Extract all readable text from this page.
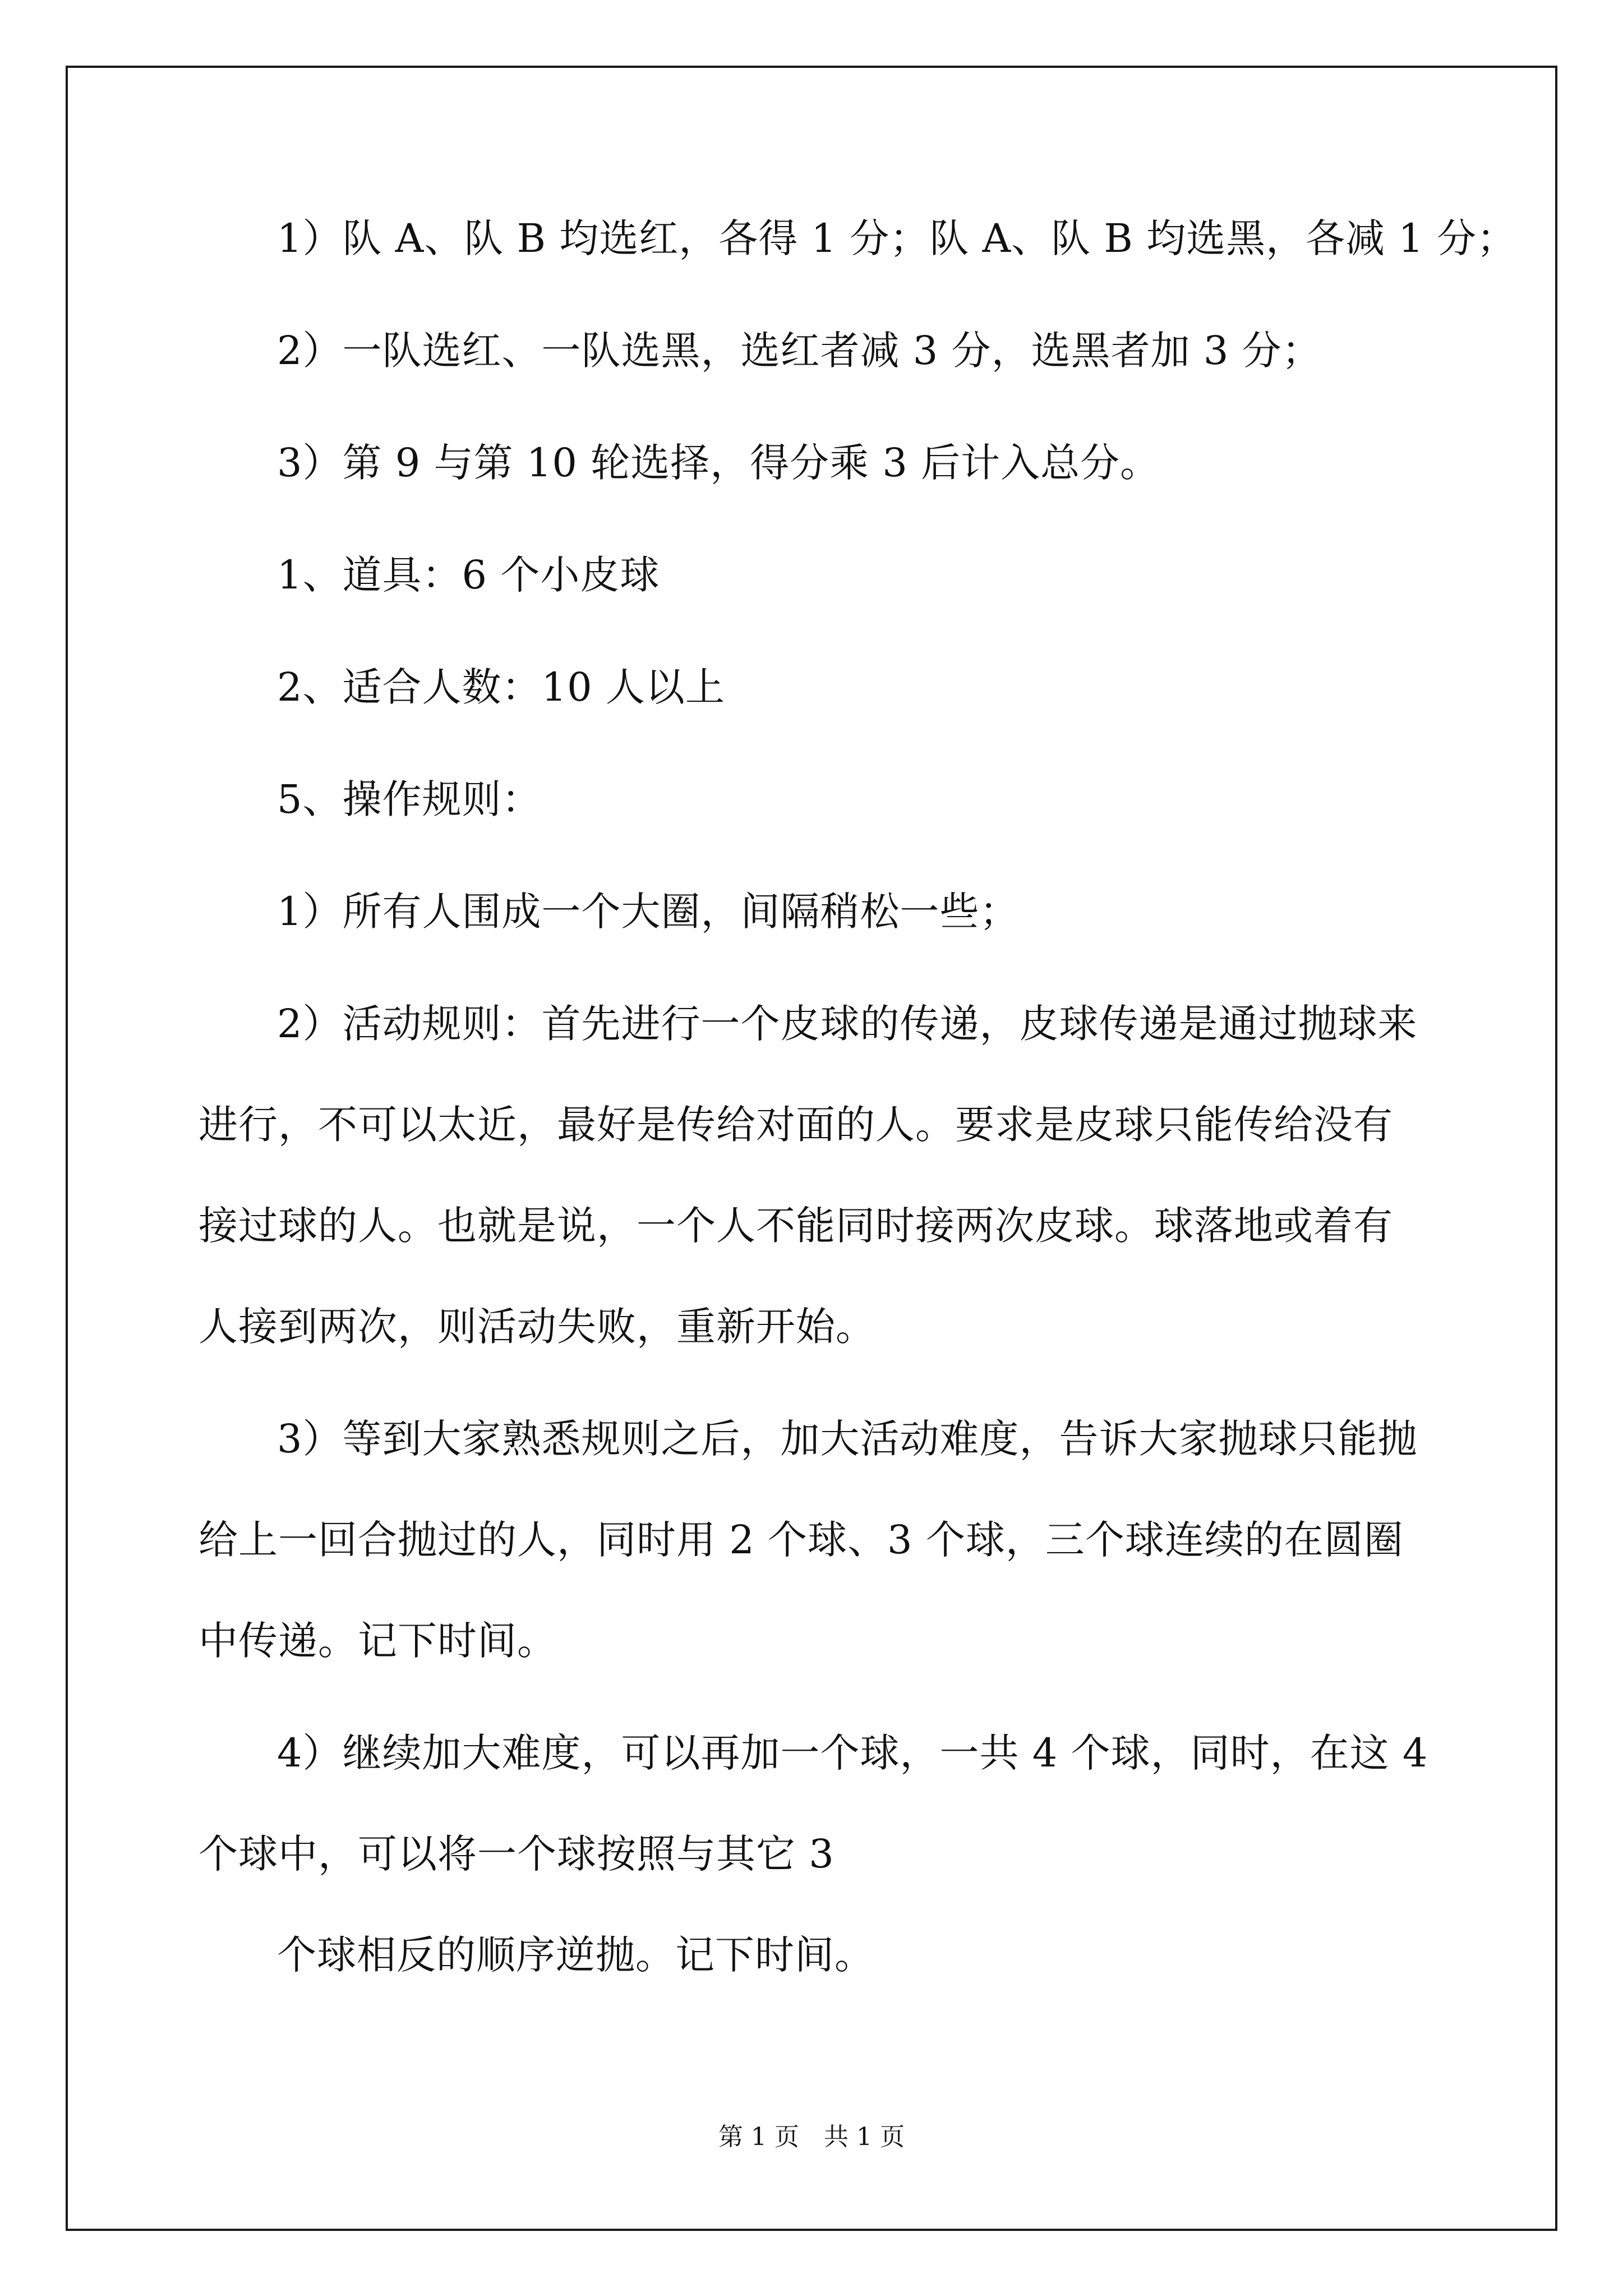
1）队 A、队 B 均选红，各得 1 分；队 A、队 B 均选黑，各减 1 分；
2）一队选红、一队选黑，选红者减 3 分，选黑者加 3 分；
3）第 9 与第 10 轮选择，得分乘 3 后计入总分。
1、道具：6 个小皮球
2、适合人数：10 人以上
5、操作规则：
1）所有人围成一个大圈，间隔稍松一些；
2）活动规则：首先进行一个皮球的传递，皮球传递是通过抛球来
进行，不可以太近，最好是传给对面的人。要求是皮球只能传给没有
接过球的人。也就是说，一个人不能同时接两次皮球。球落地或着有
人接到两次，则活动失败，重新开始。
3）等到大家熟悉规则之后，加大活动难度，告诉大家抛球只能抛
给上一回合抛过的人，同时用 2 个球、3 个球，三个球连续的在圆圈
中传递。记下时间。
4）继续加大难度，可以再加一个球，一共 4 个球，同时，在这 4
个球中，可以将一个球按照与其它 3
个球相反的顺序逆抛。记下时间。
第 1 页　共 1 页
